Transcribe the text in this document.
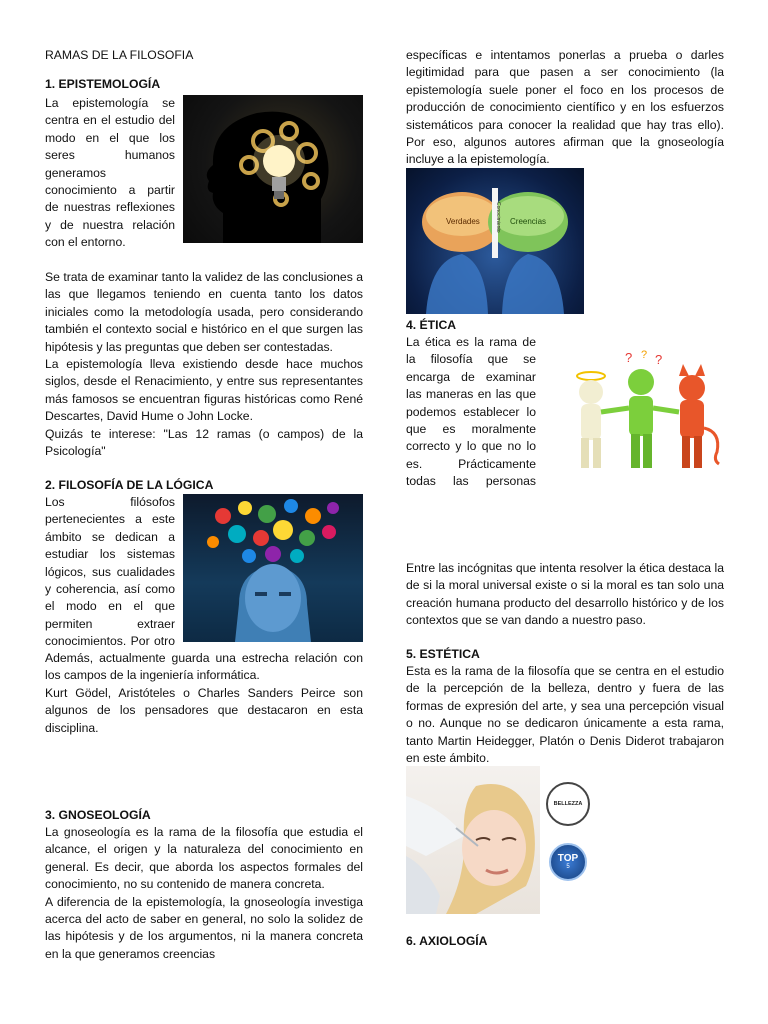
RAMAS DE LA FILOSOFIA
1. EPISTEMOLOGÍA

La epistemología se centra en el estudio del modo en el que los seres humanos generamos conocimiento a partir de nuestras reflexiones y de nuestra relación con el entorno.

Se trata de examinar tanto la validez de las conclusiones a las que llegamos teniendo en cuenta tanto los datos iniciales como la metodología usada, pero considerando también el contexto social e histórico en el que surgen las hipótesis y las preguntas que deben ser contestadas.

La epistemología lleva existiendo desde hace muchos siglos, desde el Renacimiento, y entre sus representantes más famosos se encuentran figuras históricas como René Descartes, David Hume o John Locke.

Quizás te interese: "Las 12 ramas (o campos) de la Psicología"

2. FILOSOFÍA DE LA LÓGICA

Los filósofos pertenecientes a este ámbito se dedican a estudiar los sistemas lógicos, sus cualidades y coherencia, así como el modo en el que permiten extraer conocimientos. Por otro

Además, actualmente guarda una estrecha relación con los campos de la ingeniería informática.

Kurt Gödel, Aristóteles o Charles Sanders Peirce son algunos de los pensadores que destacaron en esta disciplina.

3. GNOSEOLOGÍA

La gnoseología es la rama de la filosofía que estudia el alcance, el origen y la naturaleza del conocimiento en general. Es decir, que aborda los aspectos formales del conocimiento, no su contenido de manera concreta.

A diferencia de la epistemología, la gnoseología investiga acerca del acto de saber en general, no solo la solidez de las hipótesis y de los argumentos, ni la manera concreta en la que generamos creencias

específicas e intentamos ponerlas a prueba o darles legitimidad para que pasen a ser conocimiento (la epistemología suele poner el foco en los procesos de producción de conocimiento científico y en los esfuerzos sistemáticos para conocer la realidad que hay tras ello). Por eso, algunos autores afirman que la gnoseología incluye a la epistemología.

Verdades	Creencias
Conocimiento
4. ÉTICA
? ? ?

La ética es la rama de la filosofía que se encarga de examinar las maneras en las que podemos establecer lo que es moralmente correcto y lo que no lo es. Prácticamente todas las personas

Entre las incógnitas que intenta resolver la ética destaca la de si la moral universal existe o si la moral es tan solo una creación humana producto del desarrollo histórico y de los contextos que se van dando a nuestro paso.

5. ESTÉTICA

Esta es la rama de la filosofía que se centra en el estudio de la percepción de la belleza, dentro y fuera de las formas de expresión del arte, y sea una percepción visual o no. Aunque no se dedicaron únicamente a esta rama, tanto Martin Heidegger, Platón o Denis Diderot trabajaron en este ámbito.

BELLEZZA
TOP
5
6. AXIOLOGÍA
